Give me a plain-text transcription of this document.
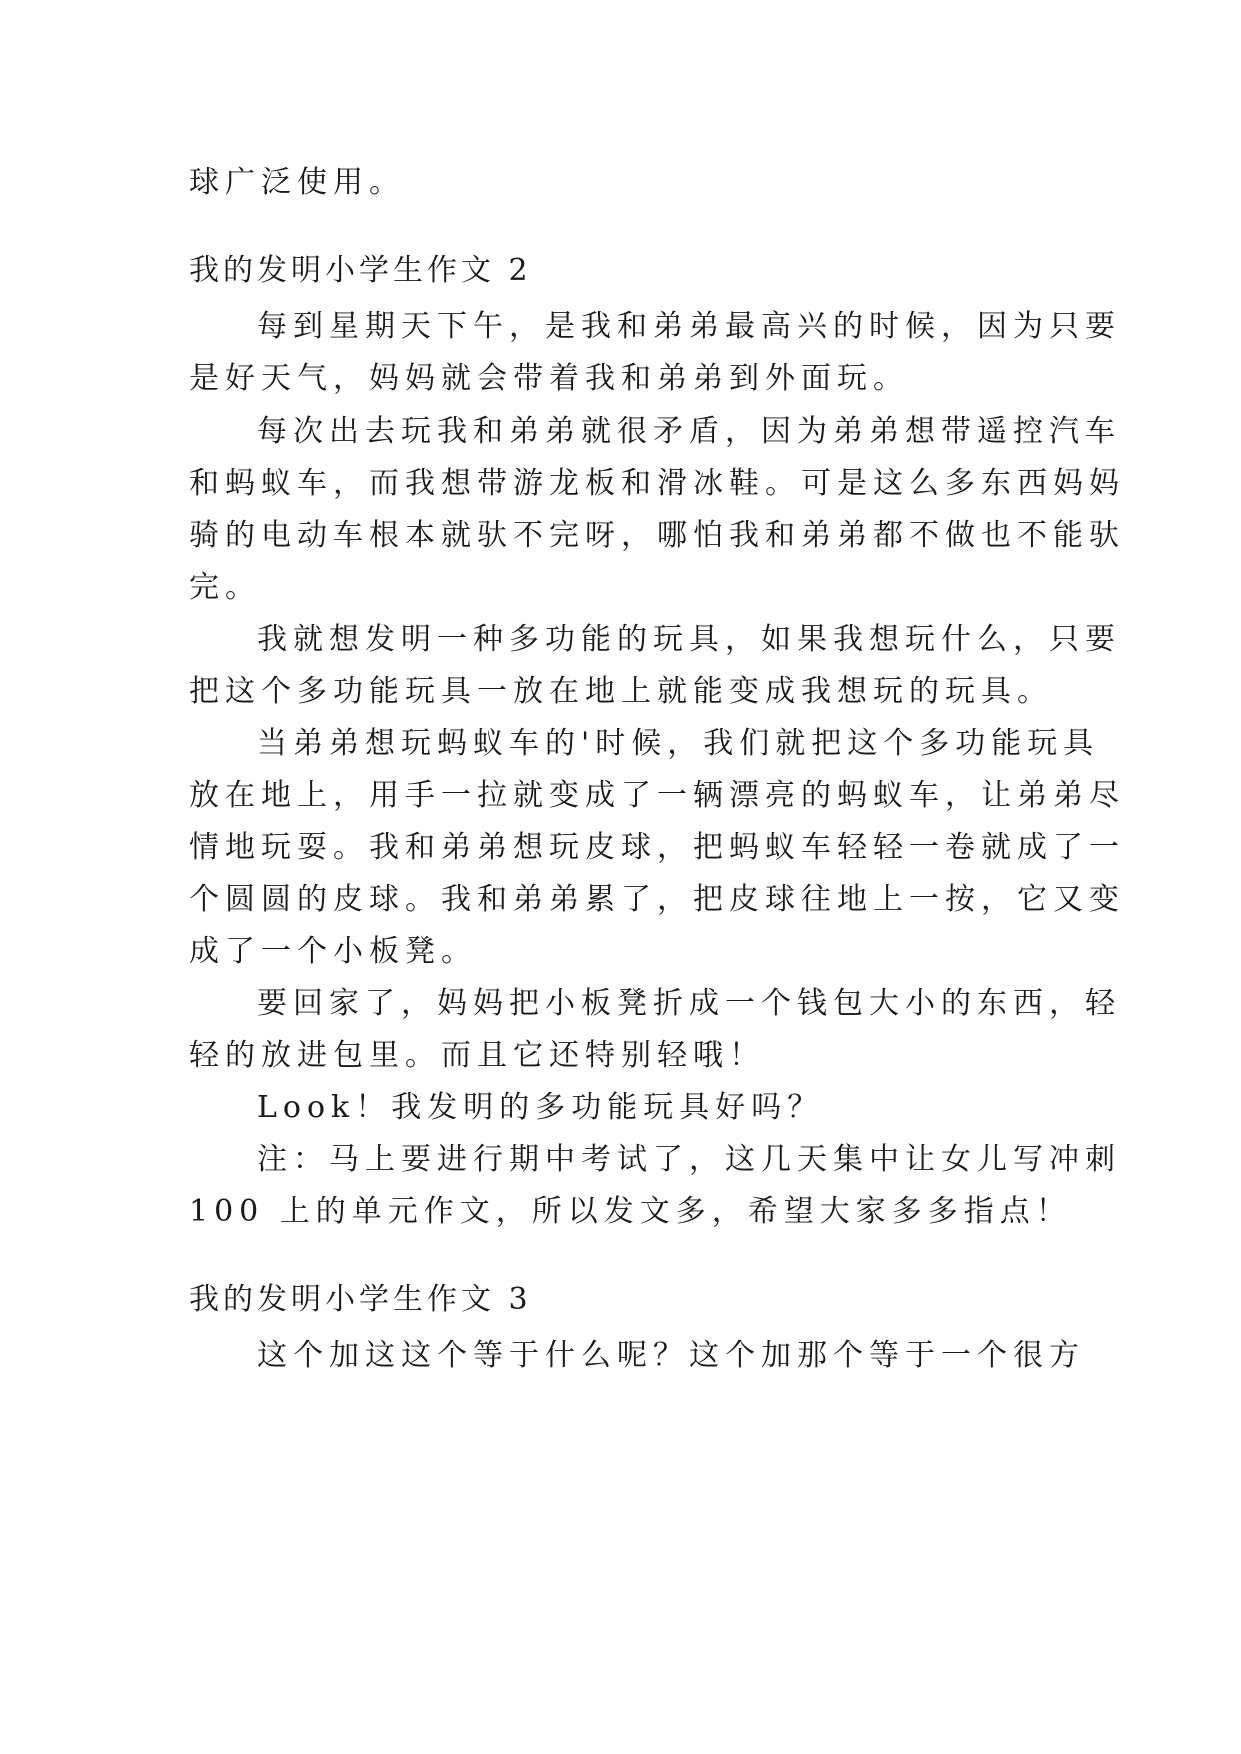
球广泛使用。
我的发明小学生作文 2
每到星期天下午，是我和弟弟最高兴的时候，因为只要
是好天气，妈妈就会带着我和弟弟到外面玩。
每次出去玩我和弟弟就很矛盾，因为弟弟想带遥控汽车
和蚂蚁车，而我想带游龙板和滑冰鞋。可是这么多东西妈妈
骑的电动车根本就驮不完呀，哪怕我和弟弟都不做也不能驮
完。
我就想发明一种多功能的玩具，如果我想玩什么，只要
把这个多功能玩具一放在地上就能变成我想玩的玩具。
当弟弟想玩蚂蚁车的'时候，我们就把这个多功能玩具
放在地上，用手一拉就变成了一辆漂亮的蚂蚁车，让弟弟尽
情地玩耍。我和弟弟想玩皮球，把蚂蚁车轻轻一卷就成了一
个圆圆的皮球。我和弟弟累了，把皮球往地上一按，它又变
成了一个小板凳。
要回家了，妈妈把小板凳折成一个钱包大小的东西，轻
轻的放进包里。而且它还特别轻哦！
Look！我发明的多功能玩具好吗？
注：马上要进行期中考试了，这几天集中让女儿写冲刺
100 上的单元作文，所以发文多，希望大家多多指点！
我的发明小学生作文 3
这个加这这个等于什么呢？这个加那个等于一个很方
